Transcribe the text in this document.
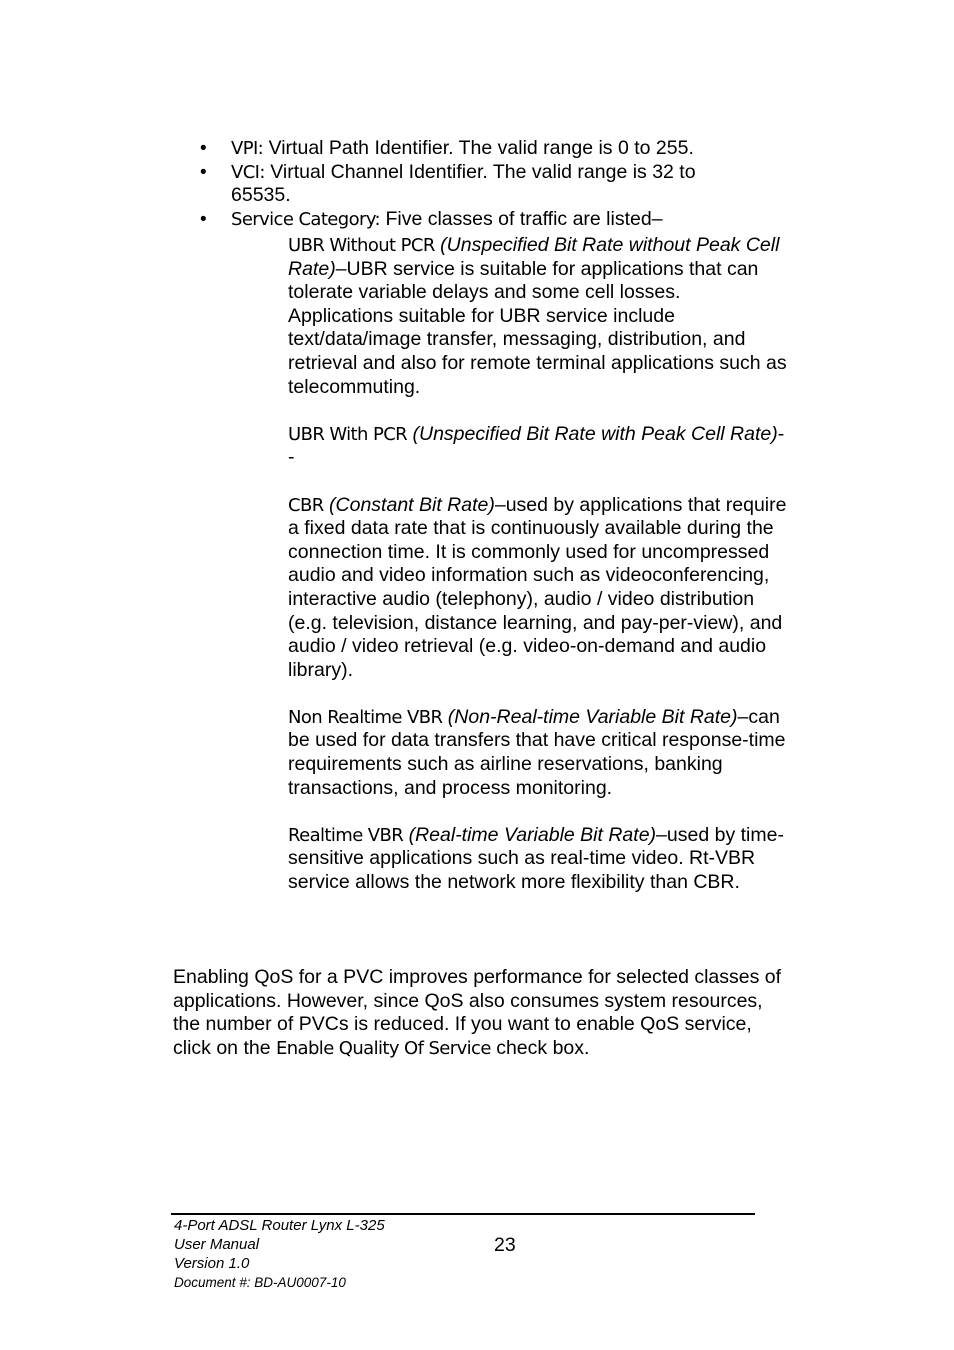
• VPI: Virtual Path Identifier. The valid range is 0 to 255.
• VCI: Virtual Channel Identifier. The valid range is 32 to 65535.
• Service Category: Five classes of traffic are listed–

UBR Without PCR (Unspecified Bit Rate without Peak Cell Rate)–UBR service is suitable for applications that can tolerate variable delays and some cell losses. Applications suitable for UBR service include text/data/image transfer, messaging, distribution, and retrieval and also for remote terminal applications such as telecommuting.

UBR With PCR (Unspecified Bit Rate with Peak Cell Rate)--

CBR (Constant Bit Rate)–used by applications that require a fixed data rate that is continuously available during the connection time. It is commonly used for uncompressed audio and video information such as videoconferencing, interactive audio (telephony), audio / video distribution (e.g. television, distance learning, and pay-per-view), and audio / video retrieval (e.g. video-on-demand and audio library).

Non Realtime VBR (Non-Real-time Variable Bit Rate)–can be used for data transfers that have critical response-time requirements such as airline reservations, banking transactions, and process monitoring.

Realtime VBR (Real-time Variable Bit Rate)–used by time-sensitive applications such as real-time video. Rt-VBR service allows the network more flexibility than CBR.

Enabling QoS for a PVC improves performance for selected classes of applications. However, since QoS also consumes system resources, the number of PVCs is reduced. If you want to enable QoS service, click on the Enable Quality Of Service check box.

4-Port ADSL Router Lynx L-325
User Manual
Version 1.0
Document #: BD-AU0007-10
23
